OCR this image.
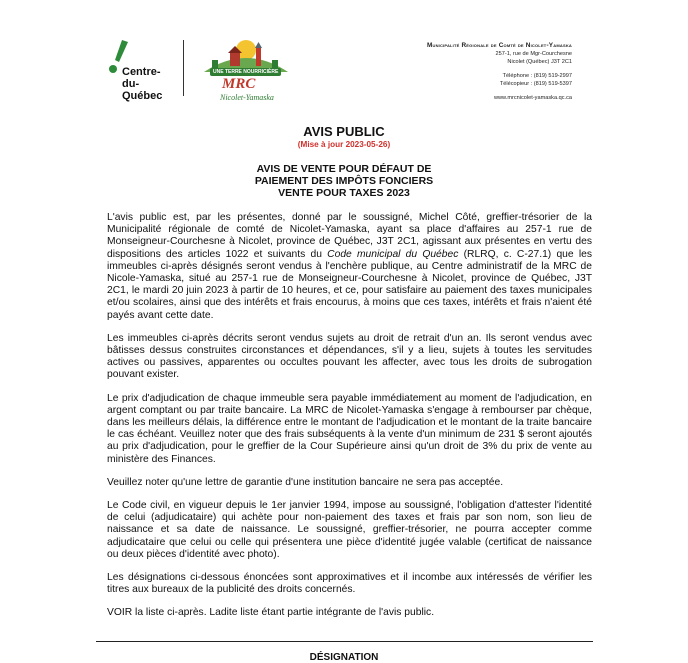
Centre-
du-
Québec
UNE TERRE NOURRICIÈRE
MRC
Nicolet-Yamaska
Municipalité Régionale de Comté de Nicolet-Yamaska
257-1, rue de Mgr-Courchesne
Nicolet (Québec) J3T 2C1
Téléphone : (819) 519-2997
Télécopieur : (819) 519-5397
www.mrcnicolet-yamaska.qc.ca
AVIS PUBLIC
(Mise à jour 2023-05-26)
AVIS DE VENTE POUR DÉFAUT DE
PAIEMENT DES IMPÔTS FONCIERS
VENTE POUR TAXES 2023

L'avis public est, par les présentes, donné par le soussigné, Michel Côté, greffier-trésorier de la Municipalité régionale de comté de Nicolet-Yamaska, ayant sa place d'affaires au 257-1 rue de Monseigneur-Courchesne à Nicolet, province de Québec, J3T 2C1, agissant aux présentes en vertu des dispositions des articles 1022 et suivants du Code municipal du Québec (RLRQ, c. C-27.1) que les immeubles ci-après désignés seront vendus à l'enchère publique, au Centre administratif de la MRC de Nicole-Yamaska, situé au 257-1 rue de Monseigneur-Courchesne à Nicolet, province de Québec, J3T 2C1, le mardi 20 juin 2023 à partir de 10 heures, et ce, pour satisfaire au paiement des taxes municipales et/ou scolaires, ainsi que des intérêts et frais encourus, à moins que ces taxes, intérêts et frais n'aient été payés avant cette date.

Les immeubles ci-après décrits seront vendus sujets au droit de retrait d'un an. Ils seront vendus avec bâtisses dessus construites circonstances et dépendances, s'il y a lieu, sujets à toutes les servitudes actives ou passives, apparentes ou occultes pouvant les affecter, avec tous les droits de subrogation pouvant exister.

Le prix d'adjudication de chaque immeuble sera payable immédiatement au moment de l'adjudication, en argent comptant ou par traite bancaire. La MRC de Nicolet-Yamaska s'engage à rembourser par chèque, dans les meilleurs délais, la différence entre le montant de l'adjudication et le montant de la traite bancaire le cas échéant. Veuillez noter que des frais subséquents à la vente d'un minimum de 231 $ seront ajoutés au prix d'adjudication, pour le greffier de la Cour Supérieure ainsi qu'un droit de 3% du prix de vente au ministère des Finances.

Veuillez noter qu'une lettre de garantie d'une institution bancaire ne sera pas acceptée.

Le Code civil, en vigueur depuis le 1er janvier 1994, impose au soussigné, l'obligation d'attester l'identité de celui (adjudicataire) qui achète pour non-paiement des taxes et frais par son nom, son lieu de naissance et sa date de naissance. Le soussigné, greffier-trésorier, ne pourra accepter comme adjudicataire que celui ou celle qui présentera une pièce d'identité jugée valable (certificat de naissance ou deux pièces d'identité avec photo).

Les désignations ci-dessous énoncées sont approximatives et il incombe aux intéressés de vérifier les titres aux bureaux de la publicité des droits concernés.

VOIR la liste ci-après. Ladite liste étant partie intégrante de l'avis public.

DÉSIGNATION
